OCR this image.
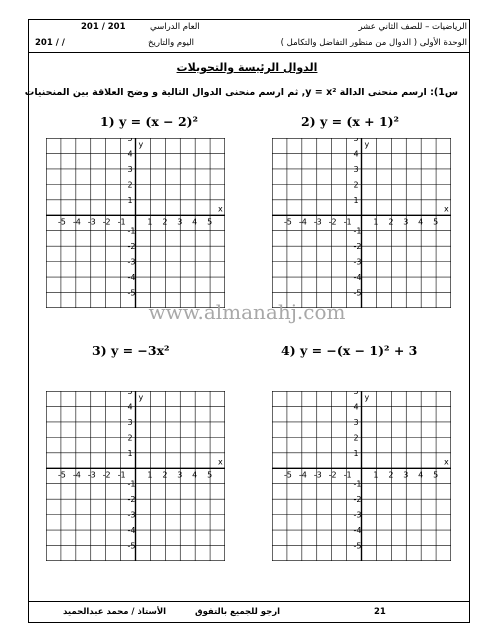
الرياضيات – للصف الثاني عشر
الوحدة الأولى ( الدوال من منظور التفاضل والتكامل )
العام الدراسي
201 / 201
اليوم والتاريخ
201 / /
الدوال الرئيسة والتحويلات
س1): ارسم منحنى الدالة y = x², ثم ارسم منحنى الدوال التالية و وضح العلاقة بين المنحنيات
1) y = (x − 2)²	2) y = (x + 1)²
3) y = −3x²	4) y = −(x − 1)² + 3
-5 -4 -3 -2 -1	1 2 3 4 5
5
4
3
2
1
-1
-2
-3
-4
-5
x
y
-5 -4 -3 -2 -1	1 2 3 4 5
5
4
3
2
1
-1
-2
-3
-4
-5
x
y
-5 -4 -3 -2 -1	1 2 3 4 5
5
4
3
2
1
-1
-2
-3
-4
-5
x
y
-5 -4 -3 -2 -1	1 2 3 4 5
5
4
3
2
1
-1
-2
-3
-4
-5
x
y
www.almanahj.com
21
ارجو للجميع بالتفوق
الأستاذ / محمد عبدالحميد
